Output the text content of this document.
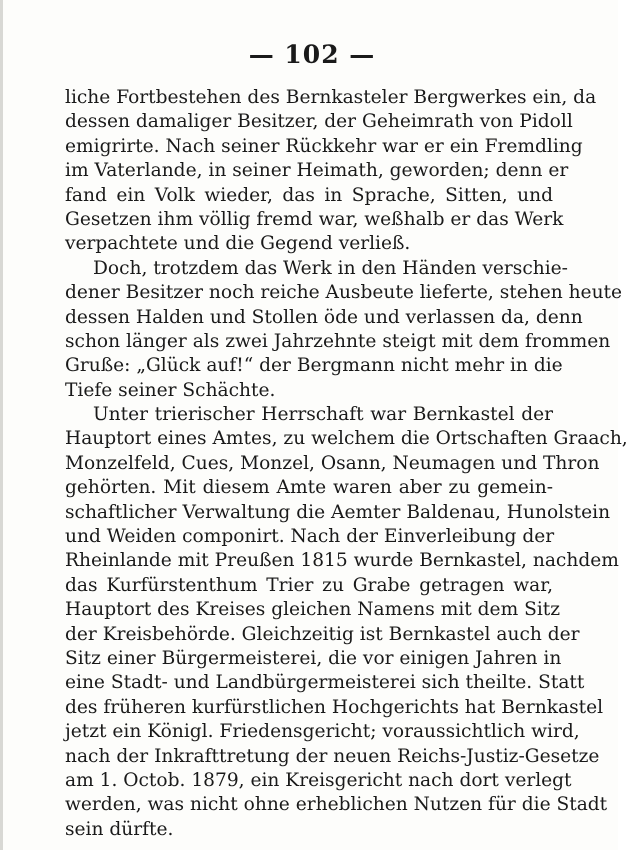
— 102 —
liche Fortbestehen des Bernkasteler Bergwerkes ein, da
dessen damaliger Besitzer, der Geheimrath von Pidoll
emigrirte. Nach seiner Rückkehr war er ein Fremdling
im Vaterlande, in seiner Heimath, geworden; denn er
fand ein Volk wieder, das in Sprache, Sitten, und
Gesetzen ihm völlig fremd war, weßhalb er das Werk
verpachtete und die Gegend verließ.
Doch, trotzdem das Werk in den Händen verschie-
dener Besitzer noch reiche Ausbeute lieferte, stehen heute
dessen Halden und Stollen öde und verlassen da, denn
schon länger als zwei Jahrzehnte steigt mit dem frommen
Gruße: „Glück auf!“ der Bergmann nicht mehr in die
Tiefe seiner Schächte.
Unter trierischer Herrschaft war Bernkastel der
Hauptort eines Amtes, zu welchem die Ortschaften Graach,
Monzelfeld, Cues, Monzel, Osann, Neumagen und Thron
gehörten. Mit diesem Amte waren aber zu gemein-
schaftlicher Verwaltung die Aemter Baldenau, Hunolstein
und Weiden componirt. Nach der Einverleibung der
Rheinlande mit Preußen 1815 wurde Bernkastel, nachdem
das Kurfürstenthum Trier zu Grabe getragen war,
Hauptort des Kreises gleichen Namens mit dem Sitz
der Kreisbehörde. Gleichzeitig ist Bernkastel auch der
Sitz einer Bürgermeisterei, die vor einigen Jahren in
eine Stadt- und Landbürgermeisterei sich theilte. Statt
des früheren kurfürstlichen Hochgerichts hat Bernkastel
jetzt ein Königl. Friedensgericht; voraussichtlich wird,
nach der Inkrafttretung der neuen Reichs-Justiz-Gesetze
am 1. Octob. 1879, ein Kreisgericht nach dort verlegt
werden, was nicht ohne erheblichen Nutzen für die Stadt
sein dürfte.
